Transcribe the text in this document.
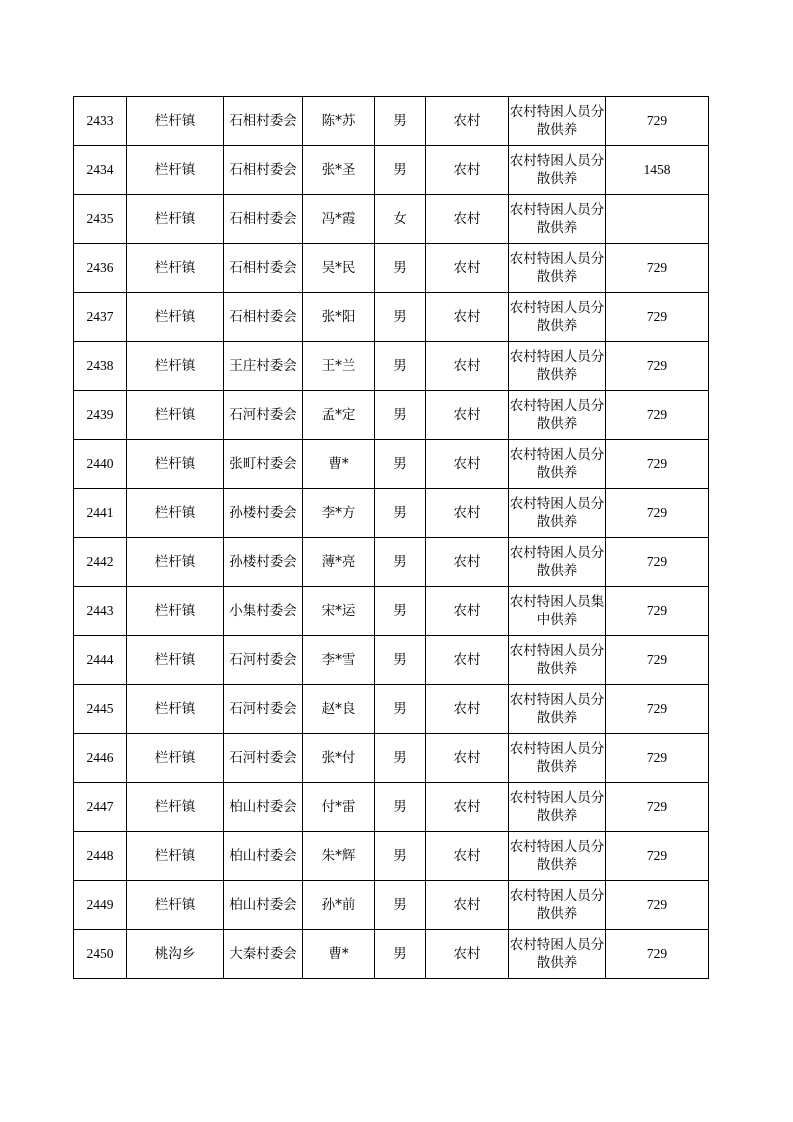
2433	栏杆镇	石相村委会	陈*苏	男	农村	农村特困人员分散供养	729
2434	栏杆镇	石相村委会	张*圣	男	农村	农村特困人员分散供养	1458
2435	栏杆镇	石相村委会	冯*霞	女	农村	农村特困人员分散供养	

2436	栏杆镇	石相村委会	吴*民	男	农村	农村特困人员分散供养	729
2437	栏杆镇	石相村委会	张*阳	男	农村	农村特困人员分散供养	729
2438	栏杆镇	王庄村委会	王*兰	男	农村	农村特困人员分散供养	729
2439	栏杆镇	石河村委会	孟*定	男	农村	农村特困人员分散供养	729
2440	栏杆镇	张町村委会	曹*	男	农村	农村特困人员分散供养	729
2441	栏杆镇	孙楼村委会	李*方	男	农村	农村特困人员分散供养	729
2442	栏杆镇	孙楼村委会	薄*亮	男	农村	农村特困人员分散供养	729
2443	栏杆镇	小集村委会	宋*运	男	农村	农村特困人员集中供养	729
2444	栏杆镇	石河村委会	李*雪	男	农村	农村特困人员分散供养	729
2445	栏杆镇	石河村委会	赵*良	男	农村	农村特困人员分散供养	729
2446	栏杆镇	石河村委会	张*付	男	农村	农村特困人员分散供养	729
2447	栏杆镇	柏山村委会	付*雷	男	农村	农村特困人员分散供养	729
2448	栏杆镇	柏山村委会	朱*辉	男	农村	农村特困人员分散供养	729
2449	栏杆镇	柏山村委会	孙*前	男	农村	农村特困人员分散供养	729
2450	桃沟乡	大秦村委会	曹*	男	农村	农村特困人员分散供养	729
